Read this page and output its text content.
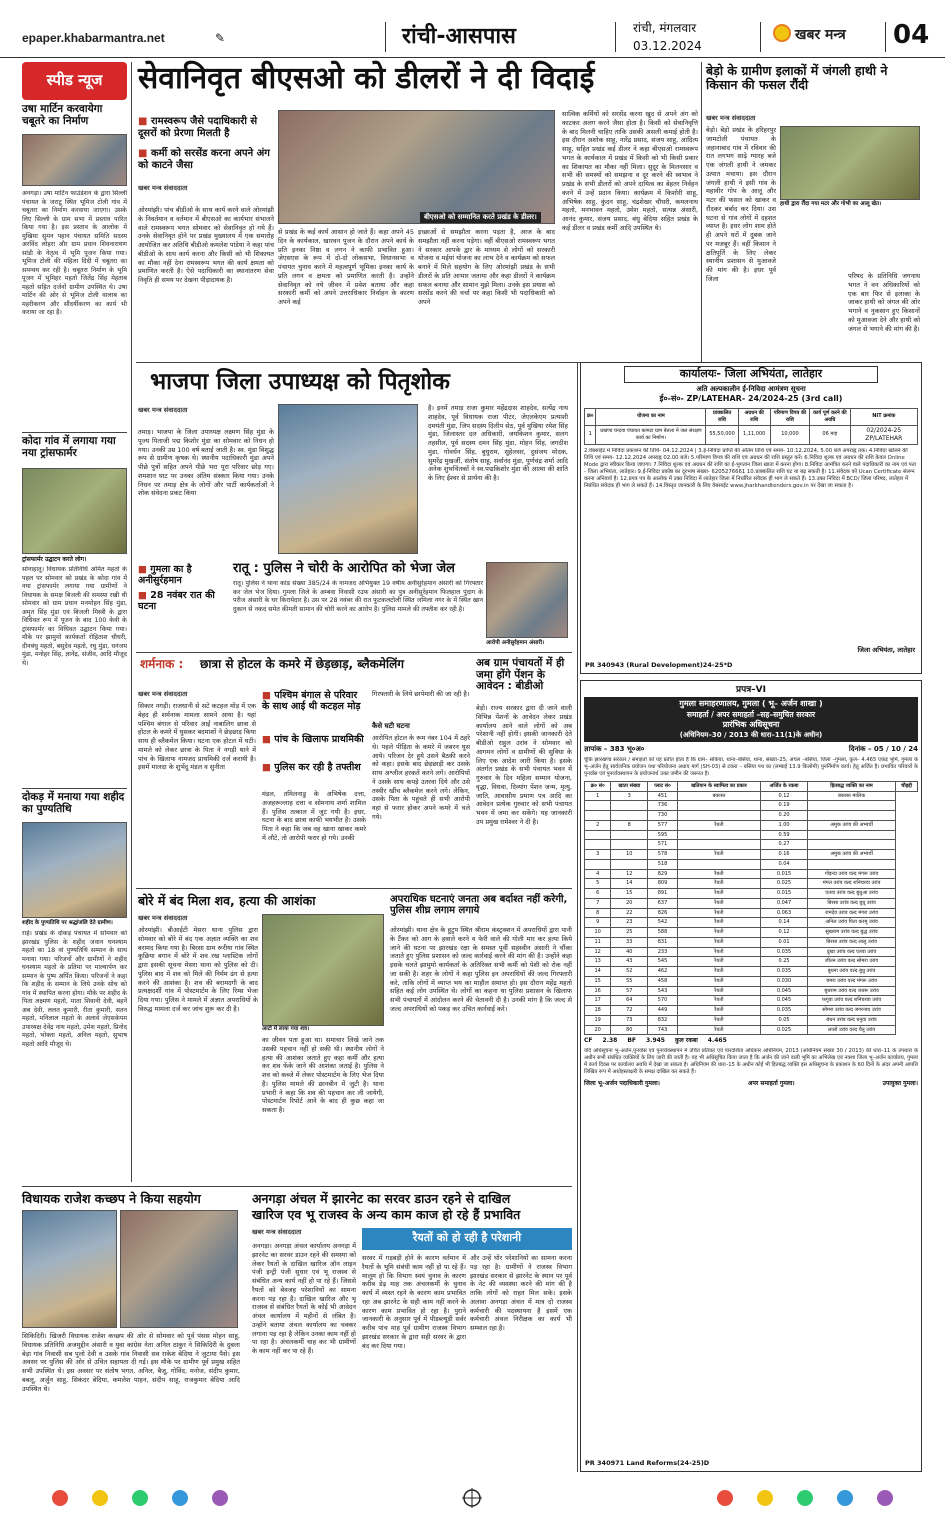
epaper.khabarmantra.net	✎	रांची-आसपास	रांची, मंगलवार
03.12.2024
खबर मन्त्र 04
स्पीड न्यूज
उषा मार्टिन करवायेगा चबूतरे का निर्माण
अनगड़ा। उषा मार्टिन फाउंडेशन के द्वारा सिल्ली पंचायत के जराटू स्थित भूमिज टोली गांव में चबूतरा का निर्माण करवाया जाएगा। उसके लिए सिल्ली के ग्राम सभा में प्रस्ताव पारित किया गया है। इस प्रस्ताव के आलोक में मुखिया सुमन पहान पंचायत समिति सदस्य अरविंद लोहरा और ग्राम प्रधान शिवनारायण सांडी के नेतृत्व में भूमि पूजन किया गया। भूमिज टोली की महिला दिदी में चबूतरा का समन्वय कर रही है। चबूतरा निर्माण के भूमि पूजन में भूमिहर महतो जितेंद्र सिंह मेहताब महतो सहित दर्जनों ग्रामीण उपस्थित थे। उषा मार्टिन की ओर से भूमिज टोली वालाब का महरीकरण और सौंदर्यीकरण का कार्य भी कराया जा रहा है।
कोदा गांव में लगाया गया नया ट्रांसफार्मर
ट्रांसफार्मर उद्घाटन करते लोग।
सोनाहातू। विधायक प्रतिनिधि अमित महतो के पहल पर सोमवार को प्रखंड के कोदा गांव में नया ट्रांसफार्मर लगाया गया ग्रामीणों ने विधायक के समक्ष बिजली की समस्या रखी थी सोमवार को ग्राम प्रधान मनमोहन सिंह मुंडा, अमृत सिंह मुंडा एवं बिजली मिस्त्री के द्वारा विधिवत रूप में पूजन के बाद 100 केवी के ट्रांसफार्मर का विधिवत उद्घाटन किया गया। मौके पर झामुमो कार्यकर्ता रोहिताश चौधरी, दीनबंधु महतो, बसुदेव महतो, रघु मुंडा, धनंजय मुंडा, मनोहर सिंह, ज्ञानेंद्र, संजीव, आदि मौजूद थे।
दोकड़ में मनाया गया शहीद का पुण्यतिथि
शहीद के पुण्यतिथि पर श्रद्धांजलि देते ग्रामीण।
राहे। प्रखंड के दोकड़ पंचायत में सोमवार को झारखंड पुलिस के शहीद जवान घनश्याम महतो का 18 वां पुण्यतिथि सम्मान के साथ मनाया गया। परिजनों और ग्रामीणों ने शहीद घनश्याम महतो के प्रतिमा पर माल्यार्पण कर सम्मान के पुष्प अर्पित किया। परिजनों ने कहा कि शहीद के सम्मान के लिये उनके सोच को गांव में स्थापित करना होगा। मौके पर शहीद के पिता लक्ष्मण महतो, माता शिवानी देवी, बहनें अब देवी, ललत कुमारी, रीता कुमारी, सतन महतो, मनिलाल महतो के अलावे जेएसकेपम उपाध्यक्ष देवेंद्र नाथ महतो, उमेश महतो, प्रिनोद महतो, भोक्ता महतो, अनिल महतो, सुभाष महतो आदि मौजूद थे।
सेवानिवृत बीएसओ को डीलरों ने दी विदाई
■ रामस्वरूप जैसे पदाधिकारी से दूसरों को प्रेरणा मिलती है
■ कर्मी को सरसेंड करना अपने अंग को काटने जैसा
खबर मन्त्र संवाददाता
बीएसओ को सम्मानित करते प्रखंड के डीलर।
ओरमांझी। पांच बीडीओ के साथ कार्य करने वाले ओरमांझी के निवर्तमान व वर्तमान में बीएसओ का कार्यभार संभालने वाले रामस्वरूप भगत सोमवार को सेवानिवृत हो गये हैं। उनके सेवानिवृत होने पर प्रखंड मुख्यालय में एक समारोह आयोजित कर अतिथि बीडीओ कमलेश पांडेया ने कहा पांच बीडीओ के साथ कार्य करना और किसी को भी शिकायत का मौका नहीं देना रामस्वरूप भगत की कार्य क्षमता को प्रमाणित करती है। ऐसे पदाधिकारी का स्थानांतरण सेवा निवृति ही समय पर देखना पीड़ादायक है।
से प्रखंड के कई कार्य आसान हो जाते हैं। कहा अपने 45 दिन के कार्यकाल, खारवन पूजन के दौरान अपने कार्य के प्रति इनका निष्ठा व लगन ने काफी प्रभावित हुआ। जेएसएस के रूप में दो-दो लोकसभा, विधानसभा व पंचायत चुनाव करने में महत्वपूर्ण भूमिका इनका कार्य के प्रति लगन व क्षमता को प्रमाणित करती है। उन्होंने सेवानिवृत को नये जीवन में प्रवेश बताया और कहा सरकारी कर्मी को अपने उत्तराधिकार निर्वाहन के कारण अपने कई
इच्छाओं से समझौता करना पड़ता है, आज के बाद समझौता नहीं करना पड़ेगा। वहीं बीएसओ रामस्वरूप भगत ने सरकार आपके द्वार के माध्यम से लोगों को सरकारी योजना व मईयां योजना का लाभ देने व कार्यक्रम को सफल बनाने में मिले सहयोग के लिए ओरमांझी प्रखंड के सभी डीलरों के प्रति आभार जताया और कहा डीलरों ने कार्यक्रम सफल बनाया और सामान मुझे मिला। उनके इस प्रयास को सरसेंड करने की चर्चा पर कहा किसी भी पदाधिकारी को अपने
सात्विक कर्मियों को सरसेंड करना खुद से अपने अंग को काटकर अलग करने जैसा होता है। किसी को सेवानिवृत्ति के बाद मिलनी चाहिए ताकि उसकी असली कमाई होती है। इस दौरान अशोक साहू, नारेंद्र प्रसाद, संजय साहू, आदित्य साहू, सहित प्रखंड कई डीलर ने कहा बीएसओ रामस्वरूप भगत के कार्यकाल में प्रखंड में किसी को भी किसी प्रकार का शिकायत का मौका नहीं मिला। सुदूर के मिलनसार व सभी की समस्यों को समझना व दूर करने की स्वभाव ने प्रखंड के सभी डीलरों को अपने दायित्व का बेहतर निर्वहन करने में उन्हें प्रदान किया। कार्यक्रम में किशोरी साहू, अभिषेक साहू, कुंदन साहू, चंद्रशेखर चौधरी, कमलनाथ महतो, मनभावन महतो, उमेश महतो, सत्यन्न अंसारी, आनंद कुमार, संजय प्रसाद, बंधु बेदिया सहित प्रखंड के कई डीलर व प्रखंड कर्मी आदि उपस्थित थे।
बेड़ो के ग्रामीण इलाकों में जंगली हाथी ने किसान की फसल रौंदी
खबर मन्त्र संवाददाता
बेड़ो। बेड़ो प्रखंड के हरिहरपुर जामटोली पंचायत के जहानाबाद गांव में रविवार की रात लगभग साढ़े ग्यारह बजे एक जंगली हाथी ने जमकर उत्पात मचाया। इस दौरान जंगली हाथी ने इसी गांव के महावीर गोप के आलू और मटर की फसल को खाकर व रौंदकर बर्बाद कर दिया। उस घटना से गांव लोगों में दहशत व्याप्त है। इधर लोग शाम होते ही अपने घरों में दुबक जाने पर मजबूर हैं। वहीं किसान ने क्षतिपूर्ति के लिए लेकर स्थानीय प्रशासन से मुआवजे की मांग की है। इधर पूर्व जिला
हाथी द्वारा रौंदा गया मटर और गोभी का आलू खेत।
परिषद के प्रतिनिधि जगनाथ भगत ने वन अधिकारियों को एक बार फिर से इलाका के जाकर हाथी को जंगल की ओर भगाने व नुकसान हुए किसानों को मुआवजा देने और हाथी को जंगल से भगाने की मांग की है।
भाजपा जिला उपाध्यक्ष को पितृशोक
खबर मन्त्र संवाददाता
तमाड़। भाजपा के जिला उपाध्यक्ष लक्ष्मण सिंह मुंडा के पूज्य पिताजी पद्म किशोर मुंडा का सोमवार को निधन हो गया। उनकी उम्र 100 वर्ष बताई जाती है। स्व. मुंडा विशुद्ध रूप से ग्रामीण कृषक थे। स्थानीय पदाधिकारी मुंडा अपने पीछे पुत्रों सहित अपने पीछे भरा पूरा परिवार छोड़ गए। शमशान घाट पर उनका अंतिम संस्कार किया गया। उनके निधन पर तमाड़ क्षेत्र के लोगों और पार्टी कार्यकर्ताओं ने शोक संवेदना प्रकट किया
है। इनमें तमाड़ राजा कुमार महेंद्रदास शाहदेव, सत्येंद्र नाथ शाहदेव, पूर्व विधायक राजा पीटर, जेएलकेएम प्रत्याशी दमयंती मुंडा, जिप सदस्य दिलीप सेठ, पूर्व मुखिया रमेश सिंह मुंडा, जिलास्तर दल अधिकारी, जयकिशन कुमार, सलग तहसील, पूर्व सदस्य दमन सिंह मुंडा, मोहन सिंह, जगदीश मुंडा, गोवर्धन सिंह, बुधुराम, सुहेलसर, दुसंजय मोदक, सुमरेंद्र मुखर्जी, संतोष साहू, सर्वानंद मुंडा, पूर्णचंद्र शर्मा आदि अनेक शुभचिंतकों ने स्व.पद्मकिशोर मुंडा की आत्मा की शांति के लिए ईश्वर से प्रार्थना की है।
■ गुमला का है अनीसुर्रहमान
■ 28 नवंबर रात की घटना
रातू : पुलिस ने चोरी के आरोपित को भेजा जेल
रातू। पुलिस ने थाना कांड संख्या 385/24 के नामजद अभियुक्त 19 वर्षीय अनीसुर्रहमान अंसारी को गिरफ्तार कर जेल भेज दिया। गुमला जिले के अम्बवा निवासी रउफ अंसारी का पुत्र अनीसुर्रहमान फिलहाल पुंदाग के परीज अंसारी के घर किरायेदार है। उस पर 28 नवंबर की रात फुटकलटोली स्थित जमिला नगर के में स्थित खान दुकान से नकद समेत कीमती सामान की चोरी करने का आरोप है। पुलिस मामले की तफ्तीश कर रही है।
आरोपी अनीसुर्रहमान अंसारी।
शर्मनाक : छात्रा से होटल के कमरे में छेड़छाड़, ब्लैकमेलिंग
खबर मन्त्र संवाददाता
सिकार नगड़ी। राजधानी से सटे कटहल मोड़ में एक बेहद ही शर्मनाक मामला सामने आया है। यहां पश्चिम बंगाल से परिवार आई नाबालिग छात्रा से होटल के कमरे में घुसकर बदमाशों ने छेड़छाड़ किया साथ ही ब्लैकमेल किया। घटना एक होटल में घटी। मामले को लेकर छात्रा के पिता ने नगड़ी थाने में पांच के खिलाफ नामजद प्राथमिकी दर्ज करायी है। इसमें मालदा के शुभेंदु मंडल व सुनीता
■ पश्चिम बंगाल से परिवार के साथ आई थी कटहल मोड़
■ पांच के खिलाफ प्राथमिकी
■ पुलिस कर रही है तफ्तीश
मंडल, तमिलनाडु के अभिषेक दत्ता, अजहरूल्लाह दत्ता व सोमनाथ शर्मा शामिल हैं। पुलिस तत्काल में जुट गयी है। इधर, घटना के बाद छात्रा काफी भयभीत है। उसके पिता ने कहा कि जब वह खाना खाकर कमरे में लौटे, तो आरोपी फरार हो गये। उनकी
गिरफ्तारी के लिये छापेमारी की जा रही है।
कैसे घटी घटना
आरोपित होटल के रूम नंबर 104 में ठहरे थे। पहले पीड़िता के कमरे में जबरन घुस आये। परिजन देर हुये उसने बैठकी करने को कहा। इसके बाद छेड़छाड़ी कर उसके साथ अश्लील हरकतें करने लगे। आरोपियों ने उसके साथ कपड़े उतरवा दिये और उसे तस्वीर खींच ब्लैकमेल करने लगे। लेकिन, उसके पिता के पहुंचते ही सभी आरोपी वहां से फरार होकर अपने कमरे में चले गये।
अब ग्राम पंचायतों में ही जमा होंगे पेंशन के आवेदन : बीडीओ
बेड़ो। राज्य सरकार द्वारा दी जाने वाली विभिन्न पेंशनों के आवेदन लेकर प्रखंड कार्यालय आने वाले लोगों को अब परेशानी नहीं होगी। इसकी जानकारी देते बीडीओ राहुल उरांव ने सोमवार को आगमन लोगों व ग्रामीणों की सुविधा के लिए एक आदेश जारी किया है। इसके अंतर्गत प्रखंड के सभी पंचायत भवन में गुरुवार के दिन महिला सम्मान योजना, वृद्धा, विधवा, दिव्यांग पेंशन जन्म, मृत्यु, जाति, आवासीय प्रमाण पत्र आदि का आवेदन प्रत्येक गुरुवार को सभी पंचायत भवन में जमा कर सकेंगे। यह जानकारी उप प्रमुख रामेश्वर ने दी है।
बोरे में बंद मिला शव, हत्या की आशंका
खबर मन्त्र संवाददाता
ओरमांझी। बीआईटी मेसरा थाना पुलिस द्वारा सोमवार को बोरे में बंद एक अज्ञात व्यक्ति का शव बरामद किया गया है। बिरसा ग्राम रूरीया गांव स्थित कुछिया बगान में बोरे में शव रख प्लास्टिक लोगों द्वारा इसकी सूचना मेसरा थाना को पुलिस को दी। पुलिस बाद में शव को मिले की निर्मम ढंग से हत्या करने की आशंका है। शव की बरामदगी के बाद प्रत्यक्षदर्शी गांव में पोस्टमार्टम के लिए रिम्स भेजा दिया गया। पुलिस ने मामले में अज्ञात अपराधियों के विरुद्ध मामला दर्ज कर जांच शुरू कर दी है।
आटो में लाया गया शव।
का जीवन पता हुआ था। समाचार लिखे जाने तक उसकी पहचान नहीं हो सकी थी। स्थानीय लोगों ने हत्या की आशंका जताते हुए कहा कर्मी और हत्या कर शव फेंके जाने की आशंका जताई है। पुलिस ने शव को कब्जे में लेकर पोस्टमार्टम के लिए भेज दिया है। पुलिस मामले की छानबीन में जुटी है। थाना प्रभारी ने कहा कि शव की पहचान कर ली जायेगी, पोस्टमार्टम रिपोर्ट आने के बाद ही कुछ कहा जा सकता है।
अपराधिक घटनाएं जनता अब बर्दाश्त नहीं करेगी, पुलिस शीघ्र लगाम लगाये
ओरमांझी। थाना क्षेत्र के हुटुप स्थित श्रीराम कंस्ट्रक्शन में अपराधियों द्वारा पानी के टैंकर को आग के हवाले करने व फेरी वाले की गोली मार कर हत्या किये जाने की घटना पर झारखंड रक्षा के समस्त पूर्वी सहस्वीन अंसारी ने चौंका जताते हुए पुलिस प्रशासन को जल्द कार्रवाई करने की मांग की है। उन्होंने कहा इसके चलते झामुमो कार्यकर्ता के अतिरिक्त सभी कर्मी को पेशी को रोक नहीं जा सकी है। शहर के लोगों ने कहा पुलिस इन अपराधियों की जल्द गिरफ्तारी करे, ताकि लोगों में व्याप्त भय का माहौल समाप्त हो। इस दौरान महेंद्र महतो सहित कई लोग उपस्थित थे। लोगों का कहना था पुलिस प्रशासन के खिलाफ सभी पंचायतों में आंदोलन करने की चेतावनी दी है। उनकी मांग है कि जल्द से जल्द अपराधियों को पकड़ कर उचित कार्रवाई करे।
विधायक राजेश कच्छप ने किया सहयोग
सिकिदिरी। खिजरी विधायक राजेश कच्छप की ओर से सोमवार को पूर्व पंसस मोहन साहू, विधायक प्रतिनिधि अजमुद्दीन अंसारी व युवा कांग्रेस नेता अनिल ठाकुर ने सिकिदिरी के दुबला बेड़ा गांव निवासी सब पुलो देवी व उसके गांव निवासी सव राकेश बेदिया ने जुटाया पैसे। इस अवसर पर पुलिस की ओर से उचित सहायता दी गई। इस मौके पर ग्रामीण पूर्व प्रमुख सहित सभी उपस्थित थे। इस अवसर पर संतोष भगत, अनिल, बैजू, गोविंद, मनोज, संदीप कुमार, बबलू, अर्जुन साहू, सिकंदर बेदिया, कमलेश पाहन, संदीप साहू, राजकुमार बेदिया आदि उपस्थित थे।
अनगड़ा अंचल में झारनेट का सरवर डाउन रहने से दाखिल
खारिज एव भू राजस्व के अन्य काम काज हो रहे हैं प्रभावित
खबर मन्त्र संवाददाता	रैयतों को हो रही है परेशानी
अनगड़ा। अनगड़ा अंचल कार्यालय अनगड़ा में झारनेट का सरवर डाउन रहने की समस्या को लेकर रैयतों के दाखिल खारिज ऑन लाइन पंजी इन्ट्री पंजी सुधार एवं भू राजस्व से संबंधित अन्य कार्य नहीं हो पा रहे हैं। जिससे रैयतों को बेवजह परेशानियों का सामना करना पड़ रहा है। दाखिल खारिज और भू राजस्व से संबंधित रैयतों के कोई भी आवेदन अंचल कार्यालय में महीनों से लंबित है। उन्होंने बताया अंचल कार्यालय का चक्कर लगाना पड़ रहा है लेकिन उनका काम नहीं हो पा रहा है। अंचलकर्मी चाह कर भी ग्रामीणों के काम नहीं कर पा रहे हैं।
सरवर में गड़बड़ी होने के कारण वर्तमान में रैयतों के भूमि संबंधी काम नहीं हो पा रहे हैं। मालूम हो कि विभाग स्वयं चुनाव के कारण करीब डेढ़ माह तक अंचलकर्मी के चुनाव कार्य में व्यस्त रहने के कारण काम प्रभावित रहा अब झारनेट के सही काम नहीं करने के कारण काम प्रभावित हो रहा है। पुराने जानकारी के अनुसार पूर्व में पीडब्ल्यूडी सर्वर करीब पांच माह पूर्व ग्रामीण राजस्व विभाग झारखंड सरकार के द्वारा सही सरवर के द्वारा बंद कर दिया गया।
और उन्हें घोर परेशानियों का सामना करना पड़ रहा है। ग्रामीणों ने राजस्व विभाग झारखंड सरकार से झारनेट के स्थान पर पूर्व के नेट की व्यवस्था करने की मांग की है ताकि लोगों को राहत मिल सके। इसके अलावा अनगड़ा अंचल में मात्र दो राजस्व कर्मचारी की पदस्थापना है इसमें एक कर्मचारी अंचल निरीक्षक का कार्य भी सम्भाल रहा है।
कार्यालयः- जिला अभियंता, लातेहार
अति अल्पकालीन ई-निविदा आमंत्रण सूचना
ई०-सं०- ZP/LATEHAR- 24/2024-25 (3rd call)
क्र०	योजना का नाम	प्राक्कलित राशि	अग्रधन की राशि	परिमाण विपत्र की राशि	कार्य पूर्ण करने की अवधि	NIT क्रमांक
1	प्रखण्ड चन्दवा पंचायत कामटा ग्राम बेतला में जल संरक्षण कार्य का निर्माण।	55,50,000	1,11,000	10,000	06 माह	02/2024-25 ZP/LATEHAR
2.वेबसाईट में निविदा प्रकाशन की तिथि- 04.12.2024 | 3.ई-निविदा प्राप्ति की अंतिम तिथि एवं समय- 10.12.2024, 5.00 बजे अपराह्न तक। 4.निविदा खोलने की तिथि एवं समय- 12.12.2024 अपराह्न 02.00 बजे। 5.परिमाण विपत्र की राशि एवं अग्रधन की राशि प्रस्तुत करें। 6.निविदा शुल्क एवं अग्रधन की राशि केवल Online Mode द्वारा स्वीकार किया जाएगा। 7.निविदा शुल्क एवं अग्रधन की राशि का ई-भुगतान जिला खाता में करना होगा। 8.निविदा आमंत्रित करने वाले पदाधिकारी का नाम एवं पता - जिला अभियंता, लातेहार। 9.ई-निविदा प्रकोष्ठ का दूरभाष संख्या- 6205276661 10.प्राक्कलित राशि घट या बढ़ सकती है। 11.संवेदक को Ucan Certificate संलग्न करना अनिवार्य है। 12.प्रपत्र पत्र के आलोक में उक्त निविदा में लातेहार जिला में निर्धारित संवेदक ही भाग ले सकते हैं। 13.उक्त निविदा में BCD/ जिला परिषद, लातेहार में निबंधित संवेदक ही भाग ले सकते हैं। 14.विस्तृत जानकारी के लिए वेबसाईट www.jharkhandtenders.gov.in पर देखा जा सकता है।
जिला अभियंता, लातेहार
PR 340943 (Rural Development)24-25*D
प्रपत्र–VI
गुमला समाहरणालय, गुमला ( भू– अर्जन शाखा )
समाहर्ता / अपर समाहर्ता –सह–समुचित सरकार
प्रारंभिक अधिसूचना
(अधिनियम–30 / 2013 की धारा–11(1)के अधीन)
ज्ञापांक – 383 भू०अ०	दिनांक – 05 / 10 / 24
चूंकि झारखण्ड सरकार / समाहर्ता को यह प्रतीत होता है कि ग्राम– सकिया, थाना–बसिया, थाना, संख्या–25, अंचल –बसिया, जिला –गुमला, कुल– 4.465 एकड़ भूमि, गुमला के भू–अर्जन हेतु सार्वजनिक प्रयोजन यथा परियोजना अधाय मार्ग (SH-03) से टकरा – बसिया पथ का (लम्बाई 13.9 किलोमी) पुनर्निर्माण कार्य। हेतु अर्जित है। प्रभावित परिवारों के पुनर्वास एवं पुनर्व्यवस्थापन के प्रयोजनार्थ उक्त जमीन की जरूरत है।
क्र० सं०	खाता संख्या	प्लाट सं०	खतियान के स्वामित्व का प्रकार	अर्जित के रकबा	हितबद्ध व्यक्ति का नाम	चौहद्दी
1	3	451	बकास्त	0.12	बकास्त मालिक	
		736		0.19		
		730		0.20		
2	8	577	रैयती	1.00	अमुक उरांव की अभ्यर्थी	
		595		0.59		
		571		0.27		
3	10	578	रैयती	0.16	अमुक उरांव की अभ्यर्थी	
		518		0.04		
4	12	829	रैयती	0.015	गोइन्दा उरांव वल्द मंगरू उरांव	
5	14	809	रैयती	0.025	मंगल उरांव वल्द शनिचरवा उरांव	
6	15	891	रैयती	0.015	एतवा उरांव वल्द बुधुआ उरांव	
7	20	637	रैयती	0.047	बिरसा उरांव वल्द बुधू उरांव	
8	22	826	रैयती	0.063	रामदेव उरांव वल्द मंगरा उरांव	
9	23	542	रैयती	0.14	अनिल उरांव पिता करमू उरांव	
10	25	588	रैयती	0.12	सुखराम उरांव वल्द बुद्ध उरांव	
11	33	831	रैयती	0.01	बिरसा उरांव वल्द लालु उरांव	
12	40	233	रैयती	0.035	दुखा उरांव वल्द एतवा उरांव	
13	43	545	रैयती	0.25	जीतन उरांव वल्द सोमरा उरांव	
14	52	462	रैयती	0.035	बुधना उरांव वल्द बुधु उरांव	
15	55	458	रैयती	0.030	चमरा उरांव वल्द मंगरू उरांव	
16	57	543	रैयती	0.045	बुधराम उरांव वल्द जतरू उरांव	
17	64	570	रैयती	0.045	फगुवा उरांव वल्द शनिचरवा उरांव	
18	72	449	रैयती	0.035	सोमरा उरांव वल्द जगरनाथ उरांव	
19	73	832	रैयती	0.05	बंधन उरांव वल्द धनुवा उरांव	
20	80	743	रैयती	0.025	लालो उरांव वल्द चैतू उरांव	
CF 2.38 BF 3.945 कुल रकबा 4.465
यदि अधिसूचना भू–अर्जन,पुनर्वास एवं पुनर्व्यवस्थापन में उचित प्रतिकर एवं पारदर्शिता अधिकार अधिनियम, 2013 (अधिनियम संख्या 30 / 2013) की धारा–11 के उपधारा के अधीन सभी संबंधित व्यक्तियों के लिए जारी की जाती है। यह भी अधिसूचित किया जाता है कि अर्जन की जाने वाली भूमि का अभिलेख एवं नक्शा जिला भू–अर्जन कार्यालय, गुमला में कार्य दिवस पर कार्यालय अवधि में देखा जा सकता है। अधिनियम की धारा–15 के अधीन कोई भी हितबद्ध व्यक्ति इस अधिसूचना के प्रकाशन के 60 दिनों के अंदर अपनी आपत्ति लिखित रूप में अधोहस्ताक्षरी के समक्ष दाखिल कर सकते हैं।
जिला भू–अर्जन पदाधिकारी गुमला।	अपर समाहर्ता गुमला।	उपायुक्त गुमला।
PR 340971 Land Reforms(24-25)D
